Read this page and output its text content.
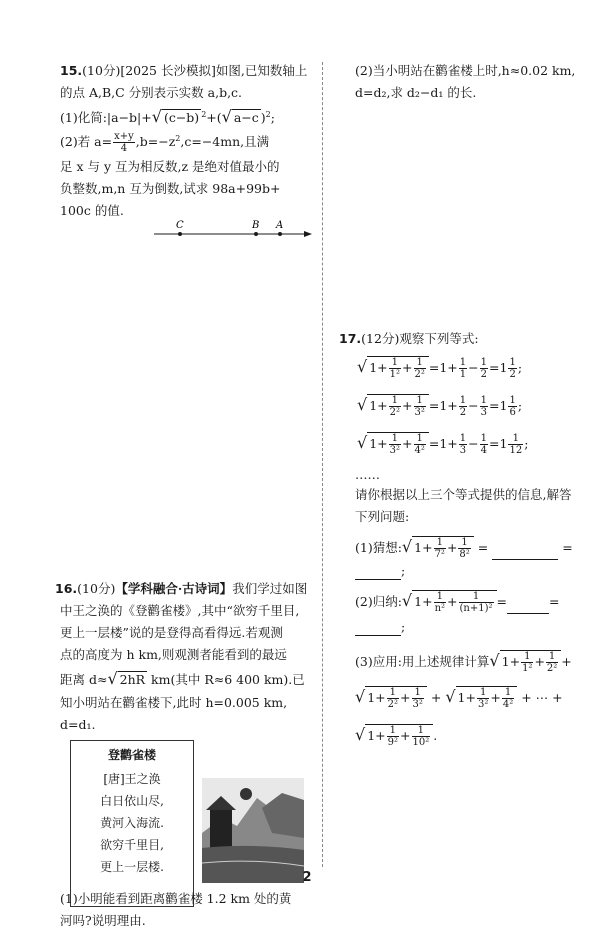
15.(10分)[2025 长沙模拟]如图,已知数轴上
的点 A,B,C 分别表示实数 a,b,c.
(1)化简:|a−b|+√ (c−b) $^2$+(√ a−c )$^2$;
(2)若 $a= \frac{x+y}{4} ,b=-z^2,c=-4mn$,且满
足 x 与 y 互为相反数,z 是绝对值最小的
负整数,m,n 互为倒数,试求 98a+99b+
100c 的值.
C	B A
16.(10分)【学科融合·古诗词】我们学过如图
中王之涣的《登鹳雀楼》,其中“欲穷千里目,
更上一层楼”说的是登得高看得远.若观测
点的高度为 h km,则观测者能看到的最远
距离 d≈√ 2hR km(其中 R≈6 400 km).已
知小明站在鹳雀楼下,此时 h=0.005 km,
d=d₁.
登鹳雀楼
[唐]王之涣
白日依山尽,
黄河入海流.
欲穷千里目,
更上一层楼.
(1)小明能看到距离鹳雀楼 1.2 km 处的黄
河吗?说明理由.
(2)当小明站在鹳雀楼上时,h≈0.02 km,
d=d₂,求 d₂−d₁ 的长.
17.(12分)观察下列等式:
√ $1+ \frac{1}{\text{1²}} + \frac{1}{\text{2²}} =1+ \frac{1}{1} - \frac{1}{2} =1 \frac{1}{2}$ ;
√ $1+ \frac{1}{\text{2²}} + \frac{1}{\text{3²}} =1+ \frac{1}{2} - \frac{1}{3} =1 \frac{1}{6}$ ;
√ $1+ \frac{1}{\text{3²}} + \frac{1}{\text{4²}} =1+ \frac{1}{3} - \frac{1}{4} =1 \frac{1}{12}$ ;
……
请你根据以上三个等式提供的信息,解答
下列问题:
(1)猜想:√ $1+ \frac{1}{\text{7²}} + \frac{1}{\text{8²}}$ =	=
;
(2)归纳:√ $1+ \frac{1}{\text{n²}} + \frac{1}{\text{(n+1)²}}$ =	=
;
(3)应用:用上述规律计算√ $1+ \frac{1}{\text{1²}} + \frac{1}{\text{2²}}$ +
√ $1+ \frac{1}{\text{2²}} + \frac{1}{\text{3²}}$ + √ $1+ \frac{1}{\text{3²}} + \frac{1}{\text{4²}}$ + ⋯ +
√ $1+ \frac{1}{\text{9²}} + \frac{1}{\text{10²}}$ .
2
